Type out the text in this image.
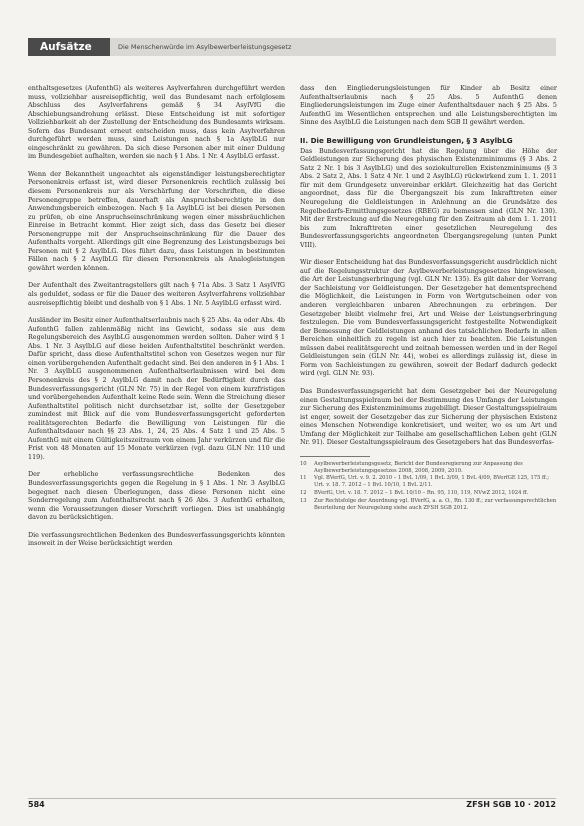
Aufsätze	Die Menschenwürde im Asylbewerberleistungsgesetz

enthaltsgesetzes (AufenthG) als weiteres Asylverfahren durchgeführt werden muss, vollziehbar ausreisepflichtig, weil das Bundesamt nach erfolglosem Abschluss des Asylverfahrens gemäß § 34 AsylVfG die Abschiebungsandrohung erlässt. Diese Entscheidung ist mit sofortiger Vollziehbarkeit ab der Zustellung der Entscheidung des Bundesamts wirksam. Sofern das Bundesamt erneut entscheiden muss, dass kein Asylverfahren durchgeführt werden muss, sind Leistungen nach § 1a AsylbLG nur eingeschränkt zu gewähren. Da sich diese Personen aber mit einer Duldung im Bundesgebiet aufhalten, werden sie nach § 1 Abs. 1 Nr. 4 AsylbLG erfasst.

Wenn der Bekanntheit ungeachtet als eigenständiger leistungsberechtigter Personenkreis erfasst ist, wird dieser Personenkreis rechtlich zulässig bei diesem Personenkreis nur als Verschärfung der Vorschriften, die diese Personengruppe betreffen, dauerhaft als Anspruchsberechtigte in den Anwendungsbereich einbezogen. Nach § 1a AsylbLG ist bei diesen Personen zu prüfen, ob eine Anspruchseinschränkung wegen einer missbräuchlichen Einreise in Betracht kommt. Hier zeigt sich, dass das Gesetz bei dieser Personengruppe mit der Anspruchseinschränkung für die Dauer des Aufenthalts vorgeht. Allerdings gilt eine Begrenzung des Leistungsbezugs bei Personen mit § 2 AsylbLG. Dies führt dazu, dass Leistungen in bestimmten Fällen nach § 2 AsylbLG für diesen Personenkreis als Analogleistungen gewährt werden können.

Der Aufenthalt des Zweitantragstellers gilt nach § 71a Abs. 3 Satz 1 AsylVfG als geduldet, sodass er für die Dauer des weiteren Asylverfahrens vollziehbar ausreisepflichtig bleibt und deshalb von § 1 Abs. 1 Nr. 5 AsylbLG erfasst wird.

Ausländer im Besitz einer Aufenthaltserlaubnis nach § 25 Abs. 4a oder Abs. 4b AufenthG fallen zahlenmäßig nicht ins Gewicht, sodass sie aus dem Regelungsbereich des AsylbLG ausgenommen werden sollten. Daher wird § 1 Abs. 1 Nr. 3 AsylbLG auf diese beiden Aufenthaltstitel beschränkt werden. Dafür spricht, dass diese Aufenthaltstitel schon von Gesetzes wegen nur für einen vorübergehenden Aufenthalt gedacht sind. Bei den anderen in § 1 Abs. 1 Nr. 3 AsylbLG ausgenommenen Aufenthaltserlaubnissen wird bei dem Personenkreis des § 2 AsylbLG damit nach der Bedürftigkeit durch das Bundesverfassungsgericht (GLN Nr. 75) in der Regel von einem kurzfristigen und vorübergehenden Aufenthalt keine Rede sein. Wenn die Streichung dieser Aufenthaltstitel politisch nicht durchsetzbar ist, sollte der Gesetzgeber zumindest mit Blick auf die vom Bundesverfassungsgericht geforderten realitätsgerechten Bedarfe die Bewilligung von Leistungen für die Aufenthaltsdauer nach §§ 23 Abs. 1, 24, 25 Abs. 4 Satz 1 und 25 Abs. 5 AufenthG mit einem Gültigkeitszeitraum von einem Jahr verkürzen und für die Frist von 48 Monaten auf 15 Monate verkürzen (vgl. dazu GLN Nr. 110 und 119).

Der erhebliche verfassungsrechtliche Bedenken des Bundesverfassungsgerichts gegen die Regelung in § 1 Abs. 1 Nr. 3 AsylbLG begegnet nach diesen Überlegungen, dass diese Personen nicht eine Sonderregelung zum Aufenthaltsrecht nach § 26 Abs. 3 AufenthG erhalten, wenn die Voraussetzungen dieser Vorschrift vorliegen. Dies ist unabhängig davon zu berücksichtigen.

Die verfassungsrechtlichen Bedenken des Bundesverfassungsgerichts könnten insoweit in der Weise berücksichtigt werden

dass den Eingliederungsleistungen für Kinder ab Besitz einer Aufenthaltserlaubnis nach § 25 Abs. 5 AufenthG denen Eingliederungsleistungen im Zuge einer Aufenthaltsdauer nach § 25 Abs. 5 AufenthG im Wesentlichen entsprechen und alle Leistungsberechtigten im Sinne des AsylbLG die Leistungen nach dem SGB II gewährt werden.

II. Die Bewilligung von Grundleistungen, § 3 AsylbLG

Das Bundesverfassungsgericht hat die Regelung über die Höhe der Geldleistungen zur Sicherung des physischen Existenzminimums (§ 3 Abs. 2 Satz 2 Nr. 1 bis 3 AsylbLG) und des soziokulturellen Existenzminimums (§ 3 Abs. 2 Satz 2, Abs. 1 Satz 4 Nr. 1 und 2 AsylbLG) rückwirkend zum 1. 1. 2011 für mit dem Grundgesetz unvereinbar erklärt. Gleichzeitig hat das Gericht angeordnet, dass für die Übergangszeit bis zum Inkrafttreten einer Neuregelung die Geldleistungen in Anlehnung an die Grundsätze des Regelbedarfs-Ermittlungsgesetzes (RBEG) zu bemessen sind (GLN Nr. 130). Mit der Erstreckung auf die Neuregelung für den Zeitraum ab dem 1. 1. 2011 bis zum Inkrafttreten einer gesetzlichen Neuregelung des Bundesverfassungsgerichts angeordneten Übergangsregelung (unten Punkt VIII).

Wir dieser Entscheidung hat das Bundesverfassungsgericht ausdrücklich nicht auf die Regelungsstruktur der Asylbewerberleistungsgesetzes hingewiesen, die Art der Leistungserbringung (vgl. GLN Nr. 135). Es gilt daher der Vorrang der Sachleistung vor Geldleistungen. Der Gesetzgeber hat dementsprechend die Möglichkeit, die Leistungen in Form von Wertgutscheinen oder von anderen vergleichbaren unbaren Abrechnungen zu erbringen. Der Gesetzgeber bleibt vielmehr frei, Art und Weise der Leistungserbringung festzulegen. Die vom Bundesverfassungsgericht festgestellte Notwendigkeit der Bemessung der Geldleistungen anhand des tatsächlichen Bedarfs in allen Bereichen einheitlich zu regeln ist auch hier zu beachten. Die Leistungen müssen dabei realitätsgerecht und zeitnah bemessen werden und in der Regel Geldleistungen sein (GLN Nr. 44), wobei es allerdings zulässig ist, diese in Form von Sachleistungen zu gewähren, soweit der Bedarf dadurch gedeckt wird (vgl. GLN Nr. 93).

Das Bundesverfassungsgericht hat dem Gesetzgeber bei der Neuregelung einen Gestaltungsspielraum bei der Bestimmung des Umfangs der Leistungen zur Sicherung des Existenzminimums zugebilligt. Dieser Gestaltungsspielraum ist enger, soweit der Gesetzgeber das zur Sicherung der physischen Existenz eines Menschen Notwendige konkretisiert, und weiter, wo es um Art und Umfang der Möglichkeit zur Teilhabe am gesellschaftlichen Leben geht (GLN Nr. 91). Dieser Gestaltungsspielraum des Gesetzgebers hat das Bundesverfas-

10 Asylbewerberleistungsgesetz, Bericht der Bundesregierung zur Anpassung des Asylbewerberleistungsgesetzes 2008, 2008, 2009, 2010.
11 Vgl. BVerfG, Urt. v. 9. 2. 2010 – 1 BvL 1/09, 1 BvL 3/09, 1 BvL 4/09, BVerfGE 125, 175 ff.; Urt. v. 18. 7. 2012 – 1 BvL 10/10, 1 BvL 2/11.
12 BVerfG, Urt. v. 18. 7. 2012 – 1 BvL 10/10 – Rn. 95, 110, 119, NVwZ 2012, 1024 ff.
13 Zur Rechtsfolge der Anordnung vgl. BVerfG, a. a. O., Rn. 130 ff.; zur verfassungsrechtlichen Beurteilung der Neuregelung siehe auch ZFSH SGB 2012.
584	ZFSH SGB 10 · 2012
